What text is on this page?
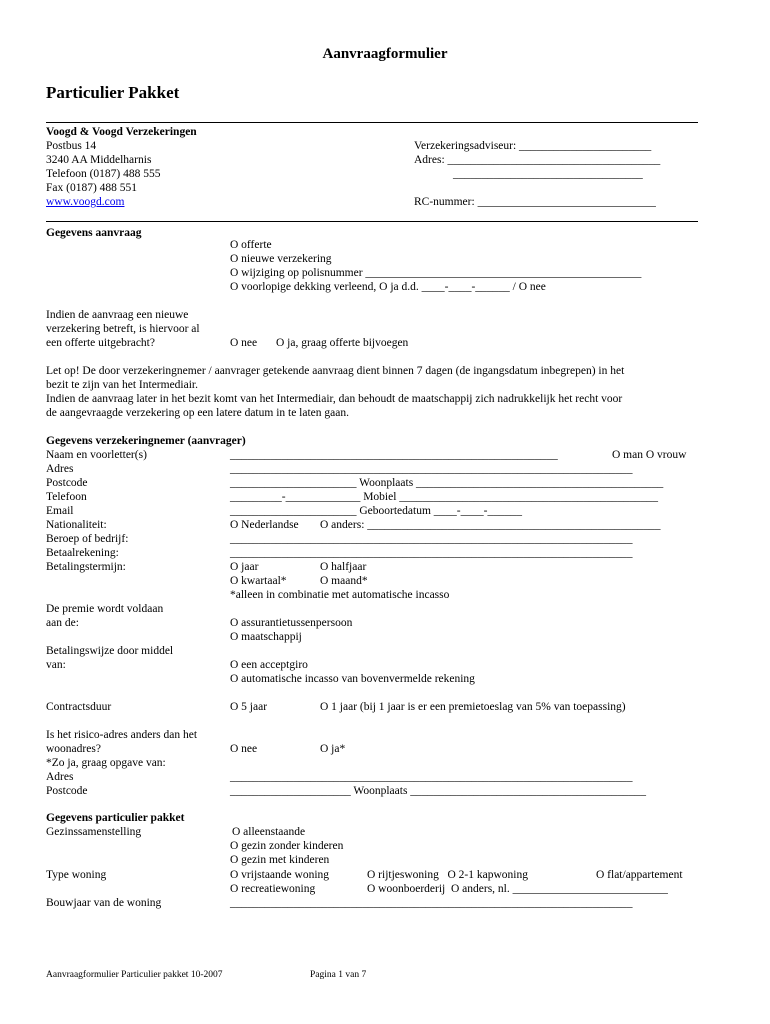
Aanvraagformulier
Particulier Pakket
Voogd & Voogd Verzekeringen
Postbus 14
3240 AA Middelharnis
Telefoon (0187) 488 555
Fax (0187) 488 551
www.voogd.com
Verzekeringsadviseur: _______________________
Adres: _____________________________________
_________________________________
RC-nummer: _______________________________
Gegevens aanvraag
O offerte
O nieuwe verzekering
O wijziging op polisnummer ________________________________________________
O voorlopige dekking verleend, O ja d.d. ____-____-______ / O nee
Indien de aanvraag een nieuwe
verzekering betreft, is hiervoor al
een offerte uitgebracht?	O nee O ja, graag offerte bijvoegen
Let op! De door verzekeringnemer / aanvrager getekende aanvraag dient binnen 7 dagen (de ingangsdatum inbegrepen) in het
bezit te zijn van het Intermediair.
Indien de aanvraag later in het bezit komt van het Intermediair, dan behoudt de maatschappij zich nadrukkelijk het recht voor
de aangevraagde verzekering op een latere datum in te laten gaan.
Gegevens verzekeringnemer (aanvrager)
Naam en voorletter(s)	_________________________________________________________	O man O vrouw
Adres	______________________________________________________________________
Postcode	______________________ Woonplaats ___________________________________________
Telefoon	_________-_____________ Mobiel _____________________________________________
Email	______________________ Geboortedatum ____-____-______
Nationaliteit:	O Nederlandse O anders: ___________________________________________________
Beroep of bedrijf:	______________________________________________________________________
Betaalrekening:	______________________________________________________________________
Betalingstermijn:	O jaar	O halfjaar
O kwartaal*	O maand*
*alleen in combinatie met automatische incasso
De premie wordt voldaan
aan de:	O assurantietussenpersoon
O maatschappij
Betalingswijze door middel
van:	O een acceptgiro
O automatische incasso van bovenvermelde rekening
Contractsduur	O 5 jaar	O 1 jaar (bij 1 jaar is er een premietoeslag van 5% van toepassing)
Is het risico-adres anders dan het
woonadres?	O nee	O ja*
*Zo ja, graag opgave van:
Adres	______________________________________________________________________
Postcode	_____________________ Woonplaats _________________________________________
Gegevens particulier pakket
Gezinssamenstelling	O alleenstaande
O gezin zonder kinderen
O gezin met kinderen
Type woning	O vrijstaande woning	O rijtjeswoning   O 2-1 kapwoning	O flat/appartement
O recreatiewoning	O woonboerderij  O anders, nl. ___________________________
Bouwjaar van de woning	______________________________________________________________________
Aanvraagformulier Particulier pakket 10-2007	Pagina 1 van 7
